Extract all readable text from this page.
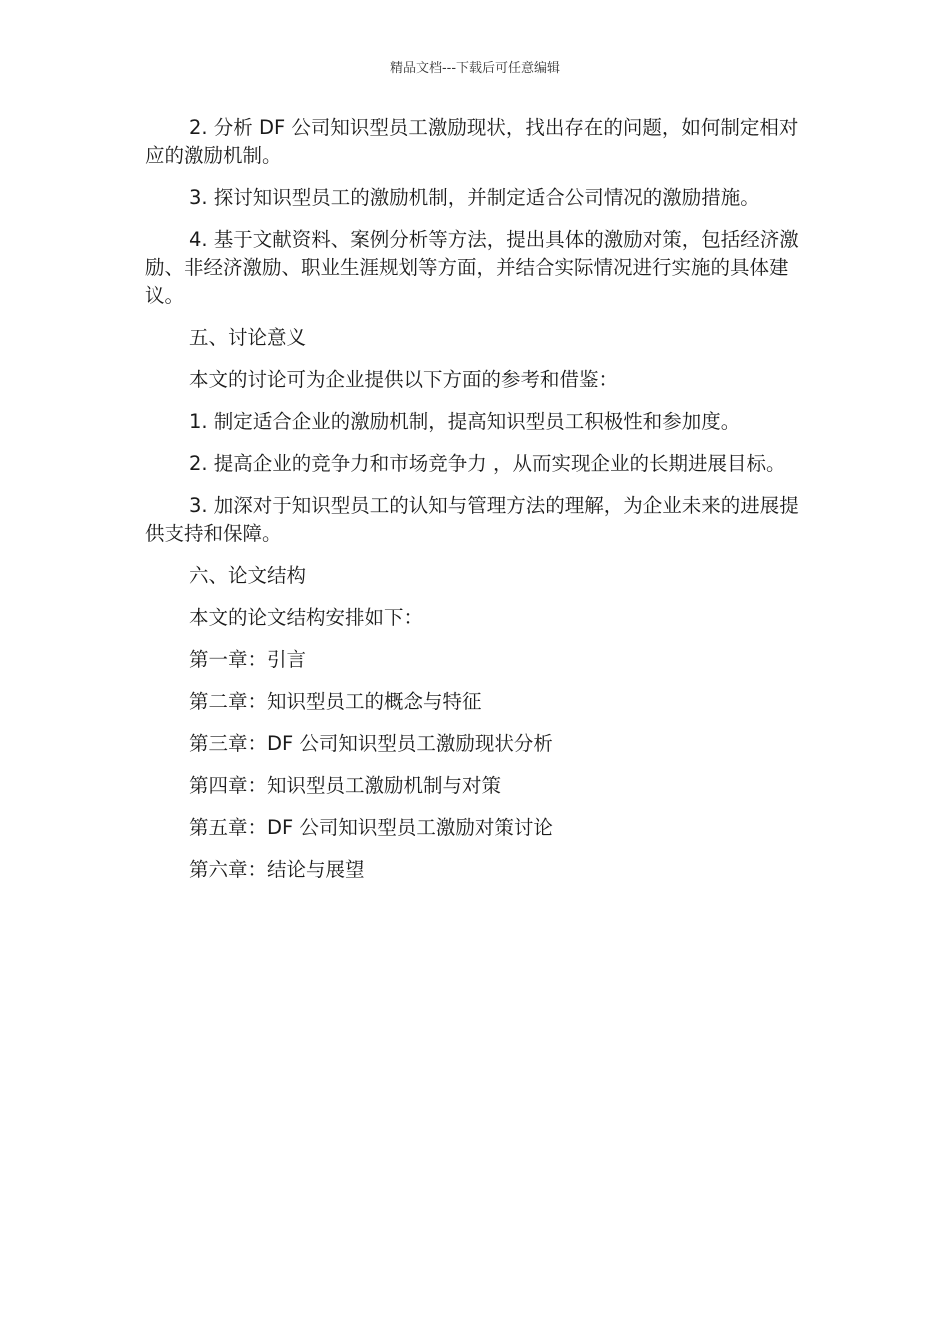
精品文档---下载后可任意编辑

2. 分析 DF 公司知识型员工激励现状，找出存在的问题，如何制定相对应的激励机制。

3. 探讨知识型员工的激励机制，并制定适合公司情况的激励措施。

4. 基于文献资料、案例分析等方法，提出具体的激励对策，包括经济激励、非经济激励、职业生涯规划等方面，并结合实际情况进行实施的具体建议。

五、讨论意义

本文的讨论可为企业提供以下方面的参考和借鉴：

1. 制定适合企业的激励机制，提高知识型员工积极性和参加度。

2. 提高企业的竞争力和市场竞争力 ，从而实现企业的长期进展目标。

3. 加深对于知识型员工的认知与管理方法的理解，为企业未来的进展提供支持和保障。

六、论文结构

本文的论文结构安排如下：

第一章：引言

第二章：知识型员工的概念与特征

第三章：DF 公司知识型员工激励现状分析

第四章：知识型员工激励机制与对策

第五章：DF 公司知识型员工激励对策讨论

第六章：结论与展望
